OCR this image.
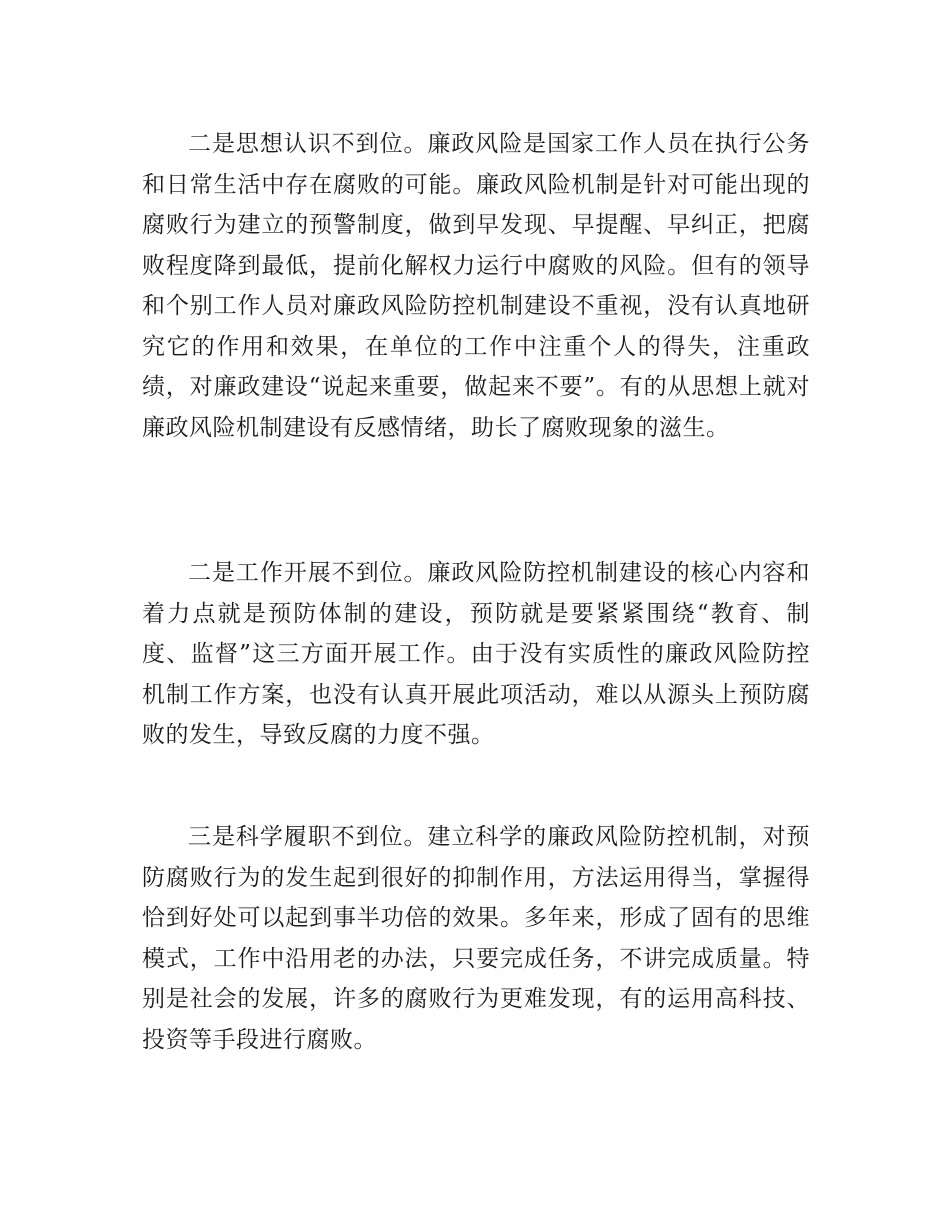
二是思想认识不到位。廉政风险是国家工作人员在执行公务和日常生活中存在腐败的可能。廉政风险机制是针对可能出现的腐败行为建立的预警制度，做到早发现、早提醒、早纠正，把腐败程度降到最低，提前化解权力运行中腐败的风险。但有的领导和个别工作人员对廉政风险防控机制建设不重视，没有认真地研究它的作用和效果，在单位的工作中注重个人的得失，注重政绩，对廉政建设“说起来重要，做起来不要”。有的从思想上就对廉政风险机制建设有反感情绪，助长了腐败现象的滋生。

二是工作开展不到位。廉政风险防控机制建设的核心内容和着力点就是预防体制的建设，预防就是要紧紧围绕“教育、制度、监督”这三方面开展工作。由于没有实质性的廉政风险防控机制工作方案，也没有认真开展此项活动，难以从源头上预防腐败的发生，导致反腐的力度不强。

三是科学履职不到位。建立科学的廉政风险防控机制，对预防腐败行为的发生起到很好的抑制作用，方法运用得当，掌握得恰到好处可以起到事半功倍的效果。多年来，形成了固有的思维模式，工作中沿用老的办法，只要完成任务，不讲完成质量。特别是社会的发展，许多的腐败行为更难发现，有的运用高科技、投资等手段进行腐败。
